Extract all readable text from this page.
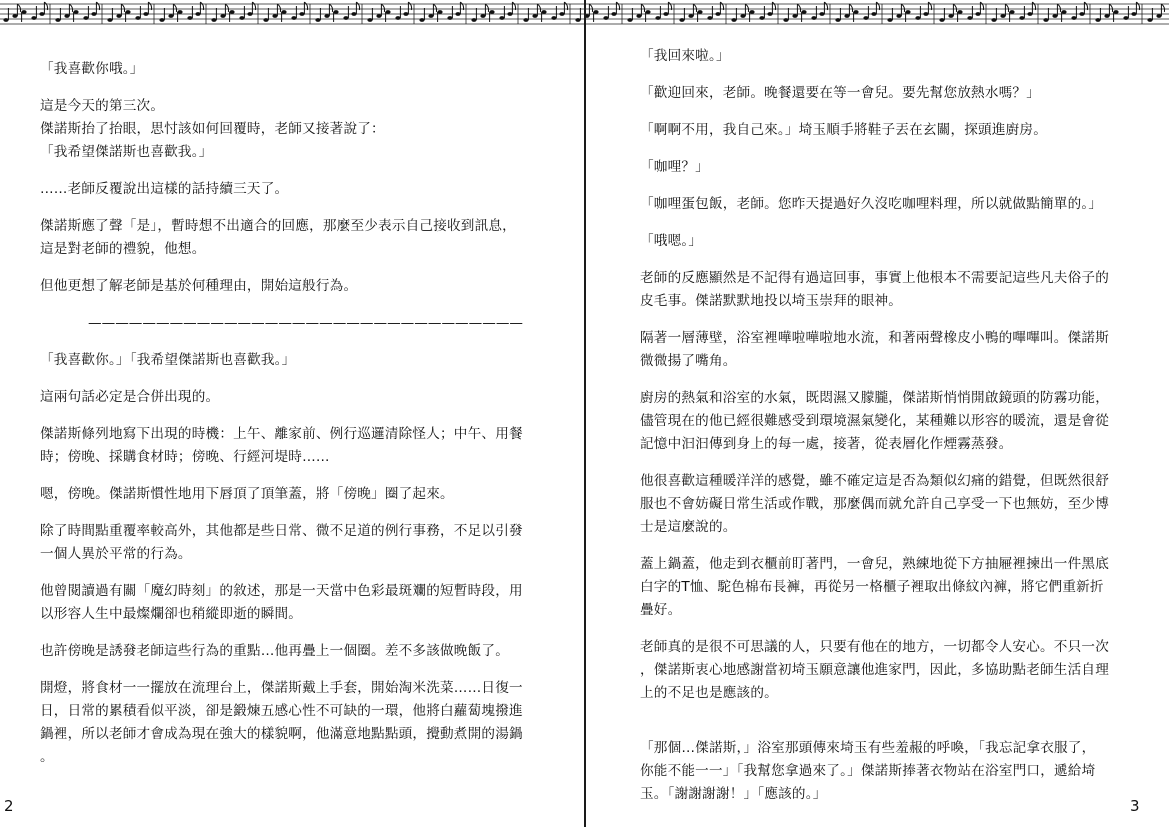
「我喜歡你哦。」

這是今天的第三次。
傑諾斯抬了抬眼，思忖該如何回覆時，老師又接著說了：
「我希望傑諾斯也喜歡我。」

……老師反覆說出這樣的話持續三天了。

傑諾斯應了聲「是」，暫時想不出適合的回應，那麼至少表示自己接收到訊息，
這是對老師的禮貌，他想。

但他更想了解老師是基於何種理由，開始這般行為。

————————————————————————————————

「我喜歡你。」「我希望傑諾斯也喜歡我。」

這兩句話必定是合併出現的。

傑諾斯條列地寫下出現的時機：上午、離家前、例行巡邏清除怪人；中午、用餐
時；傍晚、採購食材時；傍晚、行經河堤時……

嗯，傍晚。傑諾斯慣性地用下唇頂了頂筆蓋，將「傍晚」圈了起來。

除了時間點重覆率較高外，其他都是些日常、微不足道的例行事務，不足以引發
一個人異於平常的行為。

他曾閱讀過有關「魔幻時刻」的敘述，那是一天當中色彩最斑斕的短暫時段，用
以形容人生中最燦爛卻也稍縱即逝的瞬間。

也許傍晚是誘發老師這些行為的重點…他再疊上一個圈。差不多該做晚飯了。

開燈，將食材一一擺放在流理台上，傑諾斯戴上手套，開始淘米洗菜……日復一
日，日常的累積看似平淡，卻是鍛煉五感心性不可缺的一環，他將白蘿蔔塊撥進
鍋裡，所以老師才會成為現在強大的樣貌啊，他滿意地點點頭，攪動煮開的湯鍋
。

2

「我回來啦。」

「歡迎回來，老師。晚餐還要在等一會兒。要先幫您放熱水嗎？」

「啊啊不用，我自己來。」埼玉順手將鞋子丟在玄關，探頭進廚房。

「咖哩？」

「咖哩蛋包飯，老師。您昨天提過好久沒吃咖哩料理，所以就做點簡單的。」

「哦嗯。」

老師的反應顯然是不記得有過這回事，事實上他根本不需要記這些凡夫俗子的
皮毛事。傑諾默默地投以埼玉崇拜的眼神。

隔著一層薄壁，浴室裡嘩啦嘩啦地水流，和著兩聲橡皮小鴨的嗶嗶叫。傑諾斯
微微揚了嘴角。

廚房的熱氣和浴室的水氣，既悶濕又朦朧，傑諾斯悄悄開啟鏡頭的防霧功能，
儘管現在的他已經很難感受到環境濕氣變化，某種難以形容的暖流，還是會從
記憶中汩汩傳到身上的每一處，接著，從表層化作煙霧蒸發。

他很喜歡這種暖洋洋的感覺，雖不確定這是否為類似幻痛的錯覺，但既然很舒
服也不會妨礙日常生活或作戰，那麼偶而就允許自己享受一下也無妨，至少博
士是這麼說的。

蓋上鍋蓋，他走到衣櫃前盯著門，一會兒，熟練地從下方抽屜裡揀出一件黑底
白字的T恤、駝色棉布長褲，再從另一格櫃子裡取出條紋內褲，將它們重新折
疊好。

老師真的是很不可思議的人，只要有他在的地方，一切都令人安心。不只一次
，傑諾斯衷心地感謝當初埼玉願意讓他進家門，因此，多協助點老師生活自理
上的不足也是應該的。

「那個…傑諾斯，」浴室那頭傳來埼玉有些羞赧的呼喚，「我忘記拿衣服了，
你能不能一一」「我幫您拿過來了。」傑諾斯捧著衣物站在浴室門口，遞給埼
玉。「謝謝謝謝！」「應該的。」

3
